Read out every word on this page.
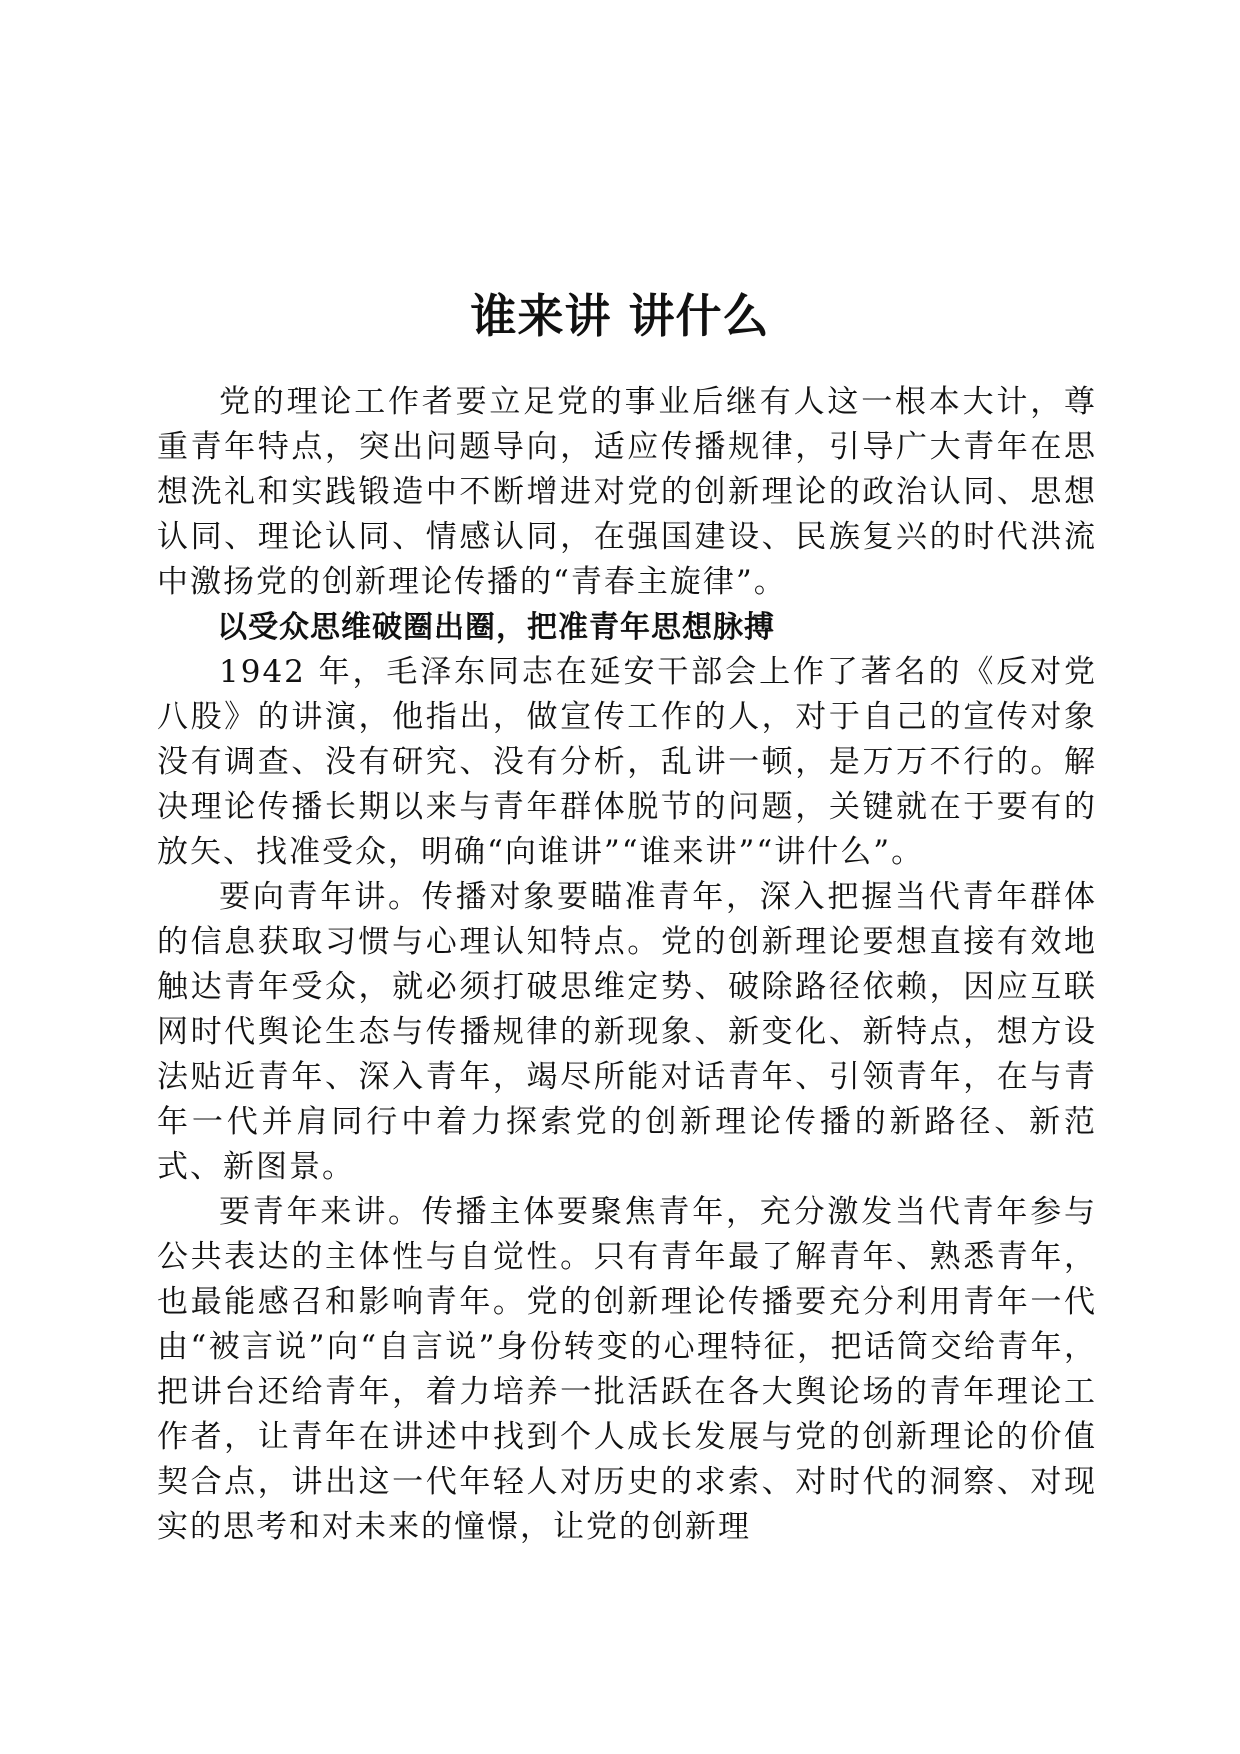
谁来讲 讲什么

党的理论工作者要立足党的事业后继有人这一根本大计，尊重青年特点，突出问题导向，适应传播规律，引导广大青年在思想洗礼和实践锻造中不断增进对党的创新理论的政治认同、思想认同、理论认同、情感认同，在强国建设、民族复兴的时代洪流中激扬党的创新理论传播的“青春主旋律”。

以受众思维破圈出圈，把准青年思想脉搏

1942 年，毛泽东同志在延安干部会上作了著名的《反对党八股》的讲演，他指出，做宣传工作的人，对于自己的宣传对象没有调查、没有研究、没有分析，乱讲一顿，是万万不行的。解决理论传播长期以来与青年群体脱节的问题，关键就在于要有的放矢、找准受众，明确“向谁讲”“谁来讲”“讲什么”。

要向青年讲。传播对象要瞄准青年，深入把握当代青年群体的信息获取习惯与心理认知特点。党的创新理论要想直接有效地触达青年受众，就必须打破思维定势、破除路径依赖，因应互联网时代舆论生态与传播规律的新现象、新变化、新特点，想方设法贴近青年、深入青年，竭尽所能对话青年、引领青年，在与青年一代并肩同行中着力探索党的创新理论传播的新路径、新范式、新图景。

要青年来讲。传播主体要聚焦青年，充分激发当代青年参与公共表达的主体性与自觉性。只有青年最了解青年、熟悉青年，也最能感召和影响青年。党的创新理论传播要充分利用青年一代由“被言说”向“自言说”身份转变的心理特征，把话筒交给青年，把讲台还给青年，着力培养一批活跃在各大舆论场的青年理论工作者，让青年在讲述中找到个人成长发展与党的创新理论的价值契合点，讲出这一代年轻人对历史的求索、对时代的洞察、对现实的思考和对未来的憧憬，让党的创新理
